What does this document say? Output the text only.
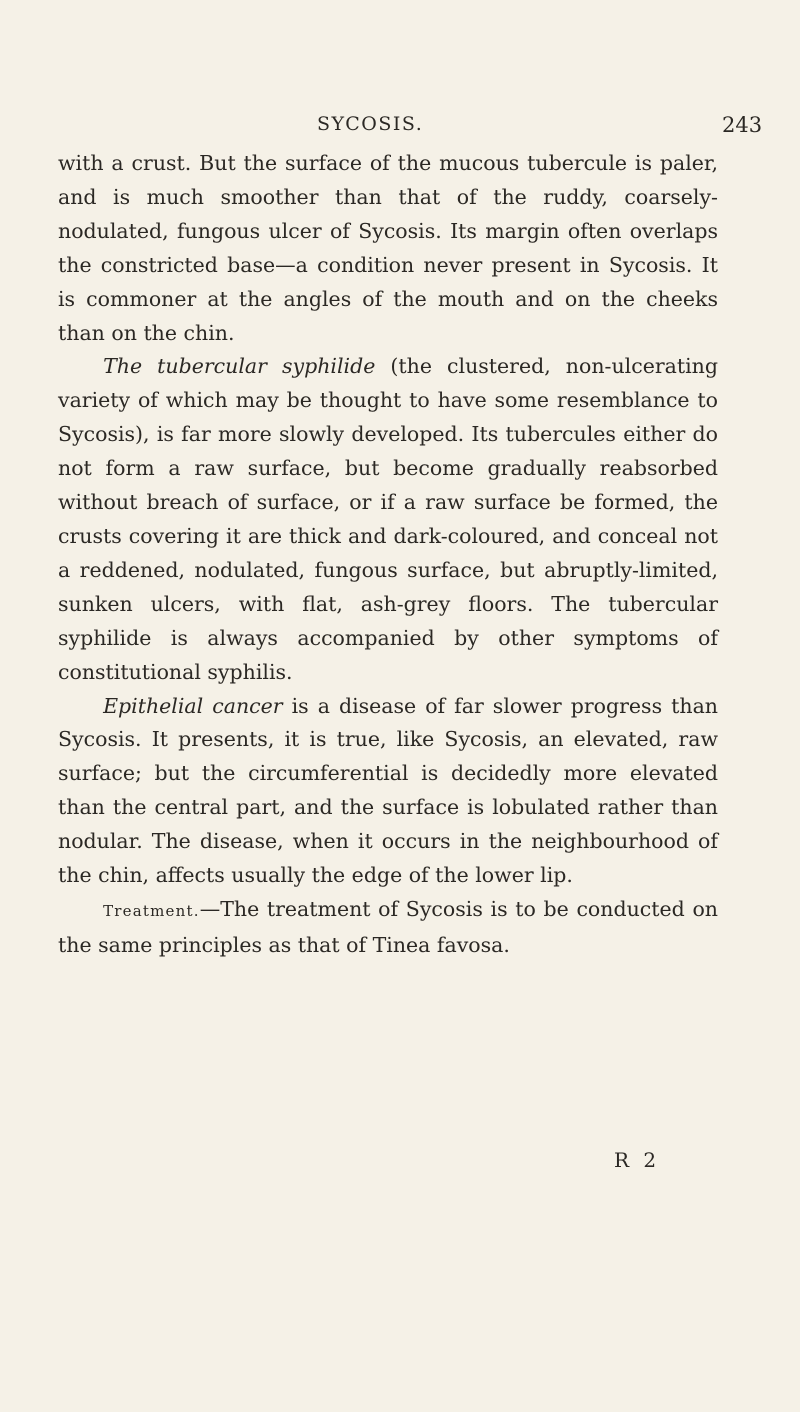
SYCOSIS.	243

with a crust. But the surface of the mucous tubercule is paler, and is much smoother than that of the ruddy, coarsely-nodulated, fungous ulcer of Sycosis. Its margin often overlaps the constricted base—a condition never present in Sycosis. It is commoner at the angles of the mouth and on the cheeks than on the chin.

The tubercular syphilide (the clustered, non-ulcerating variety of which may be thought to have some resemblance to Sycosis), is far more slowly developed. Its tubercules either do not form a raw surface, but become gradually reabsorbed without breach of surface, or if a raw surface be formed, the crusts covering it are thick and dark-coloured, and conceal not a reddened, nodulated, fungous surface, but abruptly-limited, sunken ulcers, with flat, ash-grey floors. The tubercular syphilide is always accompanied by other symptoms of constitutional syphilis.

Epithelial cancer is a disease of far slower progress than Sycosis. It presents, it is true, like Sycosis, an elevated, raw surface; but the circumferential is decidedly more elevated than the central part, and the surface is lobulated rather than nodular. The disease, when it occurs in the neighbourhood of the chin, affects usually the edge of the lower lip.

Treatment.—The treatment of Sycosis is to be conducted on the same principles as that of Tinea favosa.

R 2
